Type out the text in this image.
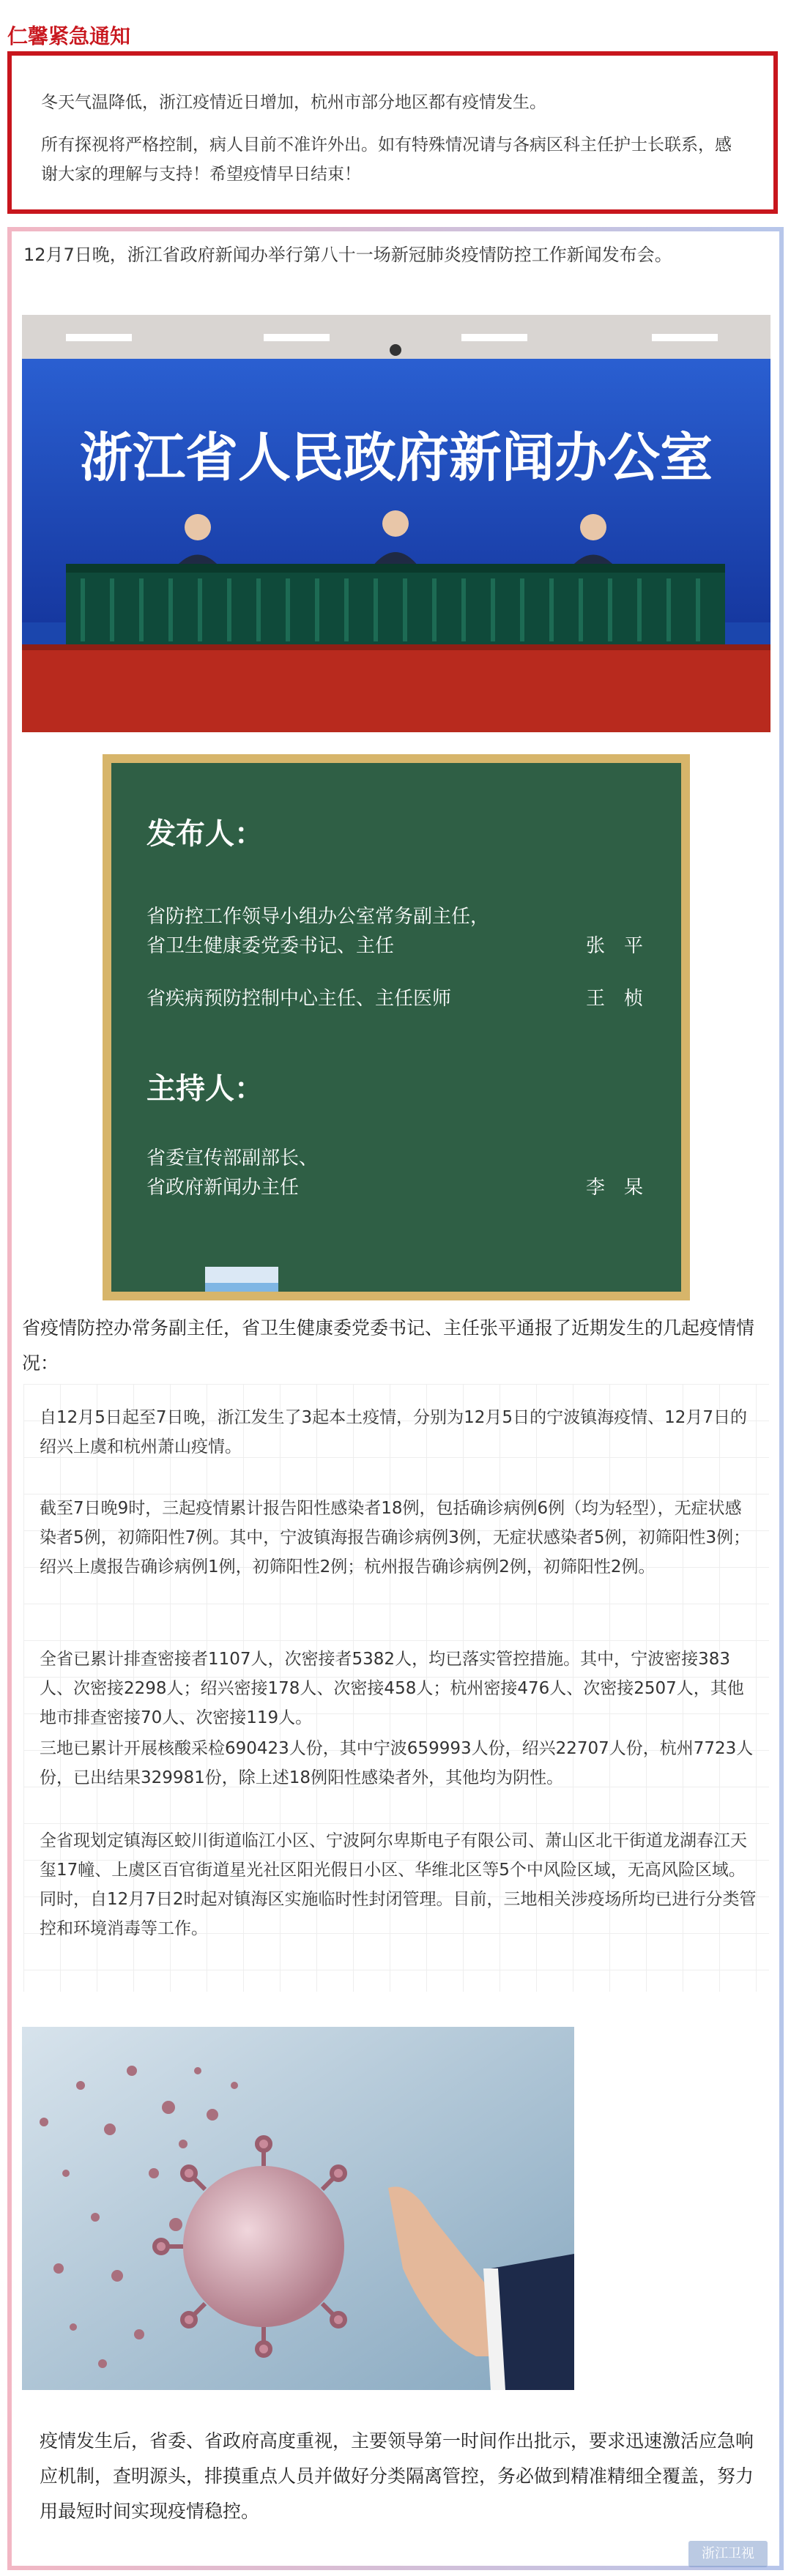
仁馨紧急通知

冬天气温降低，浙江疫情近日增加，杭州市部分地区都有疫情发生。

所有探视将严格控制，病人目前不准许外出。如有特殊情况请与各病区科主任护士长联系，感谢大家的理解与支持！希望疫情早日结束！

12月7日晚，浙江省政府新闻办举行第八十一场新冠肺炎疫情防控工作新闻发布会。
浙江省人民政府新闻办公室
发布人：
省防控工作领导小组办公室常务副主任，
省卫生健康委党委书记、主任	张　平
省疾病预防控制中心主任、主任医师	王　桢
主持人：
省委宣传部副部长、
省政府新闻办主任	李　杲
省疫情防控办常务副主任，省卫生健康委党委书记、主任张平通报了近期发生的几起疫情情况：

自12月5日起至7日晚，浙江发生了3起本土疫情，分别为12月5日的宁波镇海疫情、12月7日的绍兴上虞和杭州萧山疫情。

截至7日晚9时，三起疫情累计报告阳性感染者18例，包括确诊病例6例（均为轻型），无症状感染者5例，初筛阳性7例。其中，宁波镇海报告确诊病例3例，无症状感染者5例，初筛阳性3例；绍兴上虞报告确诊病例1例，初筛阳性2例；杭州报告确诊病例2例，初筛阳性2例。

全省已累计排查密接者1107人，次密接者5382人，均已落实管控措施。其中，宁波密接383人、次密接2298人；绍兴密接178人、次密接458人；杭州密接476人、次密接2507人，其他地市排查密接70人、次密接119人。

三地已累计开展核酸采检690423人份，其中宁波659993人份，绍兴22707人份，杭州7723人份，已出结果329981份，除上述18例阳性感染者外，其他均为阴性。

全省现划定镇海区蛟川街道临江小区、宁波阿尔卑斯电子有限公司、萧山区北干街道龙湖春江天玺17幢、上虞区百官街道星光社区阳光假日小区、华维北区等5个中风险区域，无高风险区域。同时，自12月7日2时起对镇海区实施临时性封闭管理。目前，三地相关涉疫场所均已进行分类管控和环境消毒等工作。

疫情发生后，省委、省政府高度重视，主要领导第一时间作出批示，要求迅速激活应急响应机制，查明源头，排摸重点人员并做好分类隔离管控，务必做到精准精细全覆盖，努力用最短时间实现疫情稳控。
浙江卫视
